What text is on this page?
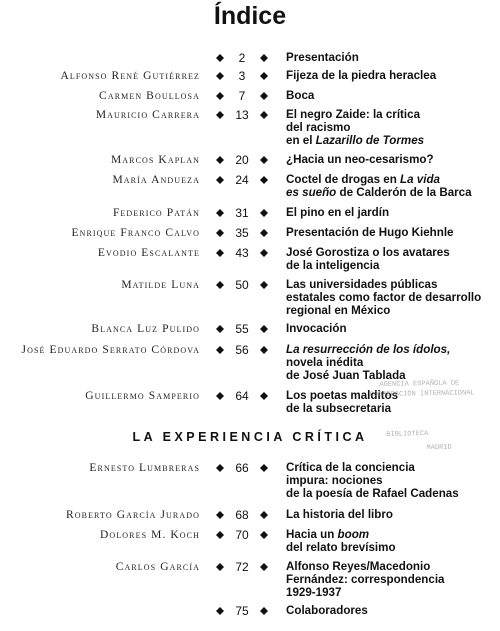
Índice
2	Presentación
Alfonso René Gutiérrez	3	Fijeza de la piedra heraclea
Carmen Boullosa	7	Boca
Mauricio Carrera	13	El negro Zaide: la crítica
del racismo
en el Lazarillo de Tormes
Marcos Kaplan	20	¿Hacia un neo-cesarismo?
María Andueza	24	Coctel de drogas en La vida
es sueño de Calderón de la Barca
Federico Patán	31	El pino en el jardín
Enrique Franco Calvo	35	Presentación de Hugo Kiehnle
Evodio Escalante	43	José Gorostiza o los avatares
de la inteligencia
Matilde Luna	50	Las universidades públicas
estatales como factor de desarrollo
regional en México
Blanca Luz Pulido	55	Invocación
José Eduardo Serrato Córdova	56	La resurrección de los ídolos,
novela inédita
de José Juan Tablada
Guillermo Samperio	64	Los poetas malditos
de la subsecretaria
Ernesto Lumbreras	66	Crítica de la conciencia
impura: nociones
de la poesía de Rafael Cadenas
Roberto García Jurado	68	La historia del libro
Dolores M. Koch	70	Hacia un boom
del relato brevísimo
Carlos García	72	Alfonso Reyes/Macedonio
Fernández: correspondencia
1929-1937
75	Colaboradores
LA EXPERIENCIA CRÍTICA
AGENCIA ESPAÑOLA DE
COOPERACIÓN INTERNACIONAL
BIBLIOTECA
MADRID
